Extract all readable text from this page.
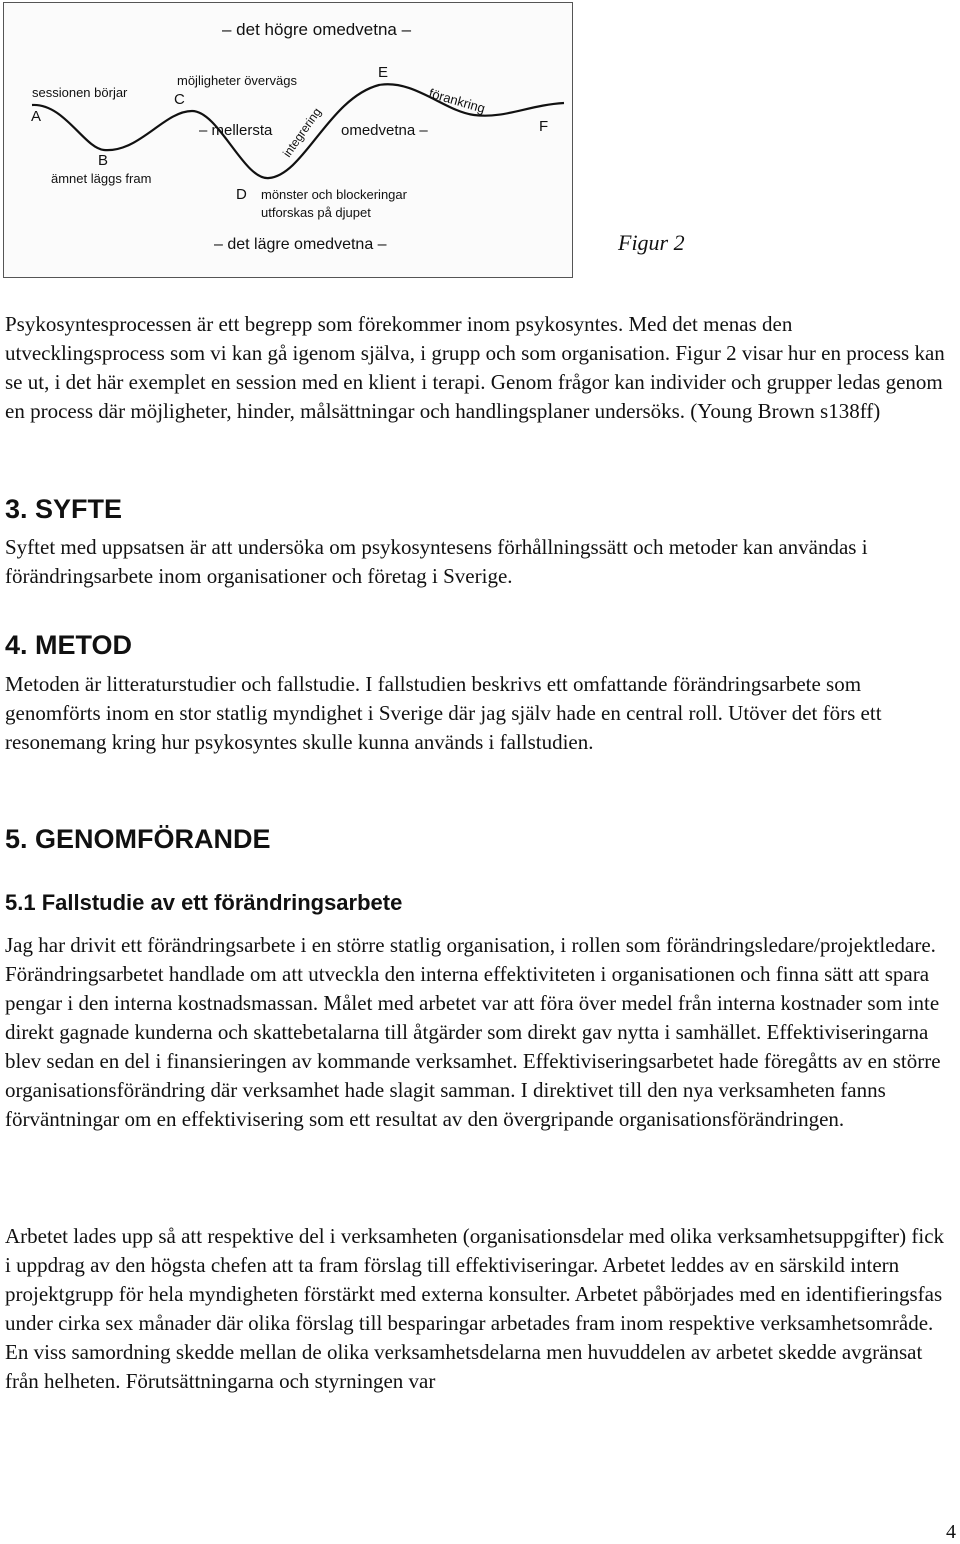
– det högre omedvetna –
sessionen börjar
A
möjligheter övervägs
C
E
förankring
F
– mellersta integrering omedvetna –
B
ämnet läggs fram
D mönster och blockeringar
utforskas på djupet
– det lägre omedvetna –	Figur 2
Psykosyntesprocessen är ett begrepp som förekommer inom psykosyntes. Med det menas den utvecklingsprocess som vi kan gå igenom själva, i grupp och som organisation. Figur 2 visar hur en process kan se ut, i det här exemplet en session med en klient i terapi. Genom frågor kan individer och grupper ledas genom en process där möjligheter, hinder, målsättningar och handlingsplaner undersöks. (Young Brown s138ff)
3. SYFTE
Syftet med uppsatsen är att undersöka om psykosyntesens förhållningssätt och metoder kan användas i förändringsarbete inom organisationer och företag i Sverige.
4. METOD
Metoden är litteraturstudier och fallstudie. I fallstudien beskrivs ett omfattande förändringsarbete som genomförts inom en stor statlig myndighet i Sverige där jag själv hade en central roll. Utöver det förs ett resonemang kring hur psykosyntes skulle kunna används i fallstudien.
5. GENOMFÖRANDE
5.1 Fallstudie av ett förändringsarbete
Jag har drivit ett förändringsarbete i en större statlig organisation, i rollen som förändringsledare/projektledare. Förändringsarbetet handlade om att utveckla den interna effektiviteten i organisationen och finna sätt att spara pengar i den interna kostnadsmassan. Målet med arbetet var att föra över medel från interna kostnader som inte direkt gagnade kunderna och skattebetalarna till åtgärder som direkt gav nytta i samhället. Effektiviseringarna blev sedan en del i finansieringen av kommande verksamhet. Effektiviseringsarbetet hade föregåtts av en större organisationsförändring där verksamhet hade slagit samman. I direktivet till den nya verksamheten fanns förväntningar om en effektivisering som ett resultat av den övergripande organisationsförändringen.
Arbetet lades upp så att respektive del i verksamheten (organisationsdelar med olika verksamhetsuppgifter) fick i uppdrag av den högsta chefen att ta fram förslag till effektiviseringar. Arbetet leddes av en särskild intern projektgrupp för hela myndigheten förstärkt med externa konsulter. Arbetet påbörjades med en identifieringsfas under cirka sex månader där olika förslag till besparingar arbetades fram inom respektive verksamhetsområde. En viss samordning skedde mellan de olika verksamhetsdelarna men huvuddelen av arbetet skedde avgränsat från helheten. Förutsättningarna och styrningen var
4
